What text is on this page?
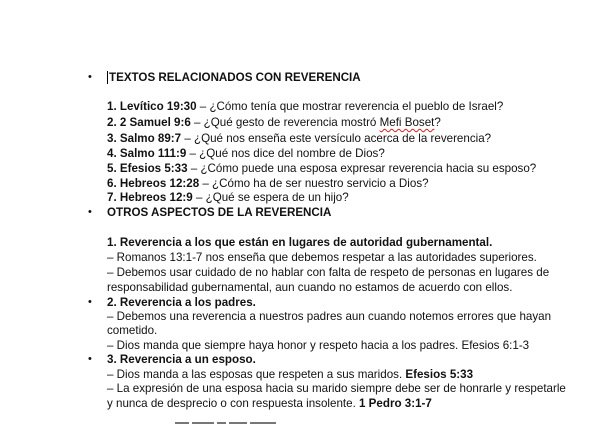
• TEXTOS RELACIONADOS CON REVERENCIA
1. Levítico 19:30 – ¿Cómo tenía que mostrar reverencia el pueblo de Israel?
2. 2 Samuel 9:6 – ¿Qué gesto de reverencia mostró Mefi Boset?
3. Salmo 89:7 – ¿Qué nos enseña este versículo acerca de la reverencia?
4. Salmo 111:9 – ¿Qué nos dice del nombre de Dios?
5. Efesios 5:33 – ¿Cómo puede una esposa expresar reverencia hacia su esposo?
6. Hebreos 12:28 – ¿Cómo ha de ser nuestro servicio a Dios?
7. Hebreos 12:9 – ¿Qué se espera de un hijo?
• OTROS ASPECTOS DE LA REVERENCIA
1. Reverencia a los que están en lugares de autoridad gubernamental.
– Romanos 13:1-7 nos enseña que debemos respetar a las autoridades superiores.
– Debemos usar cuidado de no hablar con falta de respeto de personas en lugares de
responsabilidad gubernamental, aun cuando no estamos de acuerdo con ellos.
• 2. Reverencia a los padres.
– Debemos una reverencia a nuestros padres aun cuando notemos errores que hayan
cometido.
– Dios manda que siempre haya honor y respeto hacia a los padres. Efesios 6:1-3
• 3. Reverencia a un esposo.
– Dios manda a las esposas que respeten a sus maridos. Efesios 5:33
– La expresión de una esposa hacia su marido siempre debe ser de honrarle y respetarle
y nunca de desprecio o con respuesta insolente. 1 Pedro 3:1-7
